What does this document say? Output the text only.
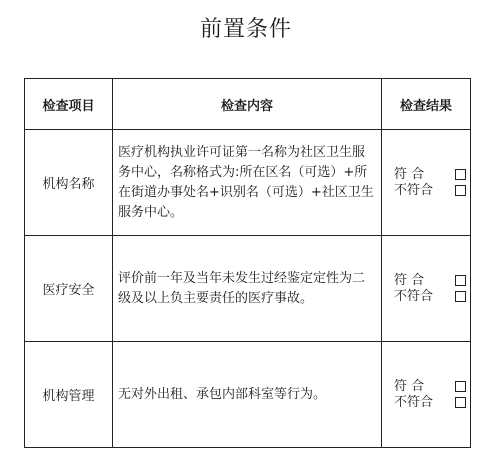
前置条件
检查项目	检查内容	检查结果
机构名称	医疗机构执业许可证第一名称为社区卫生服务中心，名称格式为:所在区名（可选）+所在街道办事处名+识别名（可选）+社区卫生服务中心。	符 合
不符合

医疗安全	评价前一年及当年未发生过经鉴定定性为二级及以上负主要责任的医疗事故。	符 合
不符合

机构管理	无对外出租、承包内部科室等行为。	符 合
不符合
